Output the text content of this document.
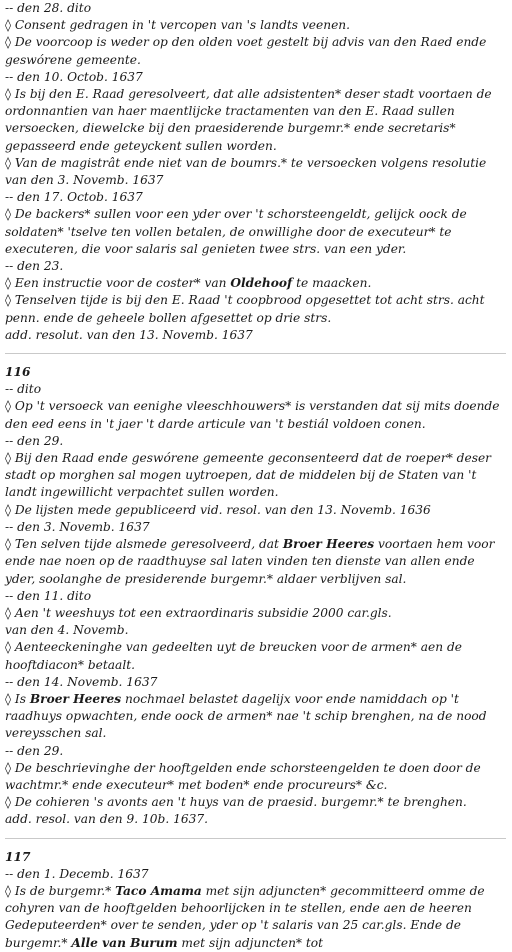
-- den 28. dito

◊ Consent gedragen in 't vercopen van 's landts veenen.

◊ De voorcoop is weder op den olden voet gestelt bij advis van den Raed ende geswórene gemeente.

-- den 10. Octob. 1637

◊ Is bij den E. Raad geresolveert, dat alle adsistenten* deser stadt voortaen de ordonnantien van haer maentlijcke tractamenten van den E. Raad sullen versoecken, diewelcke bij den praesiderende burgemr.* ende secretaris* gepasseerd ende geteyckent sullen worden.

◊ Van de magistrât ende niet van de boumrs.* te versoecken volgens resolutie van den 3. Novemb. 1637

-- den 17. Octob. 1637

◊ De backers* sullen voor een yder over 't schorsteengeldt, gelijck oock de soldaten* 'tselve ten vollen betalen, de onwillighe door de executeur* te executeren, die voor salaris sal genieten twee strs. van een yder.

-- den 23.

◊ Een instructie voor de coster* van Oldehoof te maacken.

◊ Tenselven tijde is bij den E. Raad 't coopbrood opgesettet tot acht strs. acht penn. ende de geheele bollen afgesettet op drie strs.

add. resolut. van den 13. Novemb. 1637

116

-- dito

◊ Op 't versoeck van eenighe vleeschhouwers* is verstanden dat sij mits doende den eed eens in 't jaer 't darde articule van 't bestiál voldoen conen.

-- den 29.

◊ Bij den Raad ende geswórene gemeente geconsenteerd dat de roeper* deser stadt op morghen sal mogen uytroepen, dat de middelen bij de Staten van 't landt ingewillicht verpachtet sullen worden.

◊ De lijsten mede gepubliceerd vid. resol. van den 13. Novemb. 1636

-- den 3. Novemb. 1637

◊ Ten selven tijde alsmede geresolveerd, dat Broer Heeres voortaen hem voor ende nae noen op de raadthuyse sal laten vinden ten dienste van allen ende yder, soolanghe de presiderende burgemr.* aldaer verblijven sal.

-- den 11. dito

◊ Aen 't weeshuys tot een extraordinaris subsidie 2000 car.gls.

van den 4. Novemb.

◊ Aenteeckeninghe van gedeelten uyt de breucken voor de armen* aen de hooftdiacon* betaalt.

-- den 14. Novemb. 1637

◊ Is Broer Heeres nochmael belastet dagelijx voor ende namiddach op 't raadhuys opwachten, ende oock de armen* nae 't schip brenghen, na de nood vereysschen sal.

-- den 29.

◊ De beschrievinghe der hooftgelden ende schorsteengelden te doen door de wachtmr.* ende executeur* met boden* ende procureurs* &c.

◊ De cohieren 's avonts aen 't huys van de praesid. burgemr.* te brenghen.

add. resol. van den 9. 10b. 1637.

117

-- den 1. Decemb. 1637

◊ Is de burgemr.* Taco Amama met sijn adjuncten* gecommitteerd omme de cohyren van de hooftgelden behoorlijcken in te stellen, ende aen de heeren Gedeputeerden* over te senden, yder op 't salaris van 25 car.gls. Ende de burgemr.* Alle van Burum met sijn adjuncten* tot
